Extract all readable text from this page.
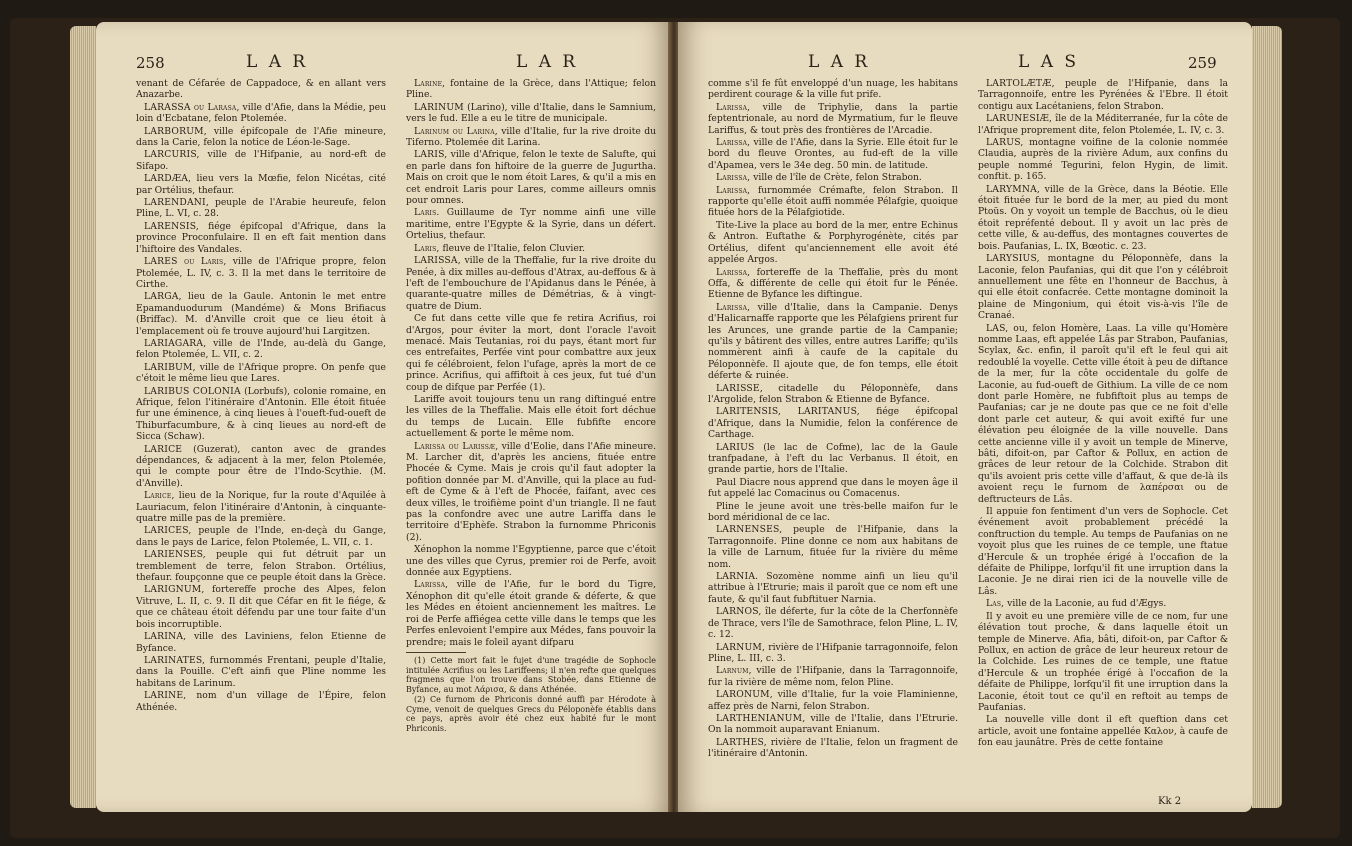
258	L A R	L A R

venant de Céfarée de Cappadoce, & en allant vers Anazarbe.

LARASSA ou Larasa, ville d'Afie, dans la Médie, peu loin d'Ecbatane, felon Ptolemée.

LARBORUM, ville épifcopale de l'Afie mineure, dans la Carie, felon la notice de Léon-le-Sage.

LARCURIS, ville de l'Hifpanie, au nord-eft de Sifapo.

LARDÆA, lieu vers la Mœfie, felon Nicétas, cité par Ortélius, thefaur.

LARENDANI, peuple de l'Arabie heureufe, felon Pline, L. VI, c. 28.

LARENSIS, fiége épifcopal d'Afrique, dans la province Proconfulaire. Il en eft fait mention dans l'hiftoire des Vandales.

LARES ou Laris, ville de l'Afrique propre, felon Ptolemée, L. IV, c. 3. Il la met dans le territoire de Cirthe.

LARGA, lieu de la Gaule. Antonin le met entre Epamanduodurum (Mandéme) & Mons Brifiacus (Briffac). M. d'Anville croit que ce lieu étoit à l'emplacement où fe trouve aujourd'hui Largitzen.

LARIAGARA, ville de l'Inde, au-delà du Gange, felon Ptolemée, L. VII, c. 2.

LARIBUM, ville de l'Afrique propre. On penfe que c'étoit le même lieu que Lares.

LARIBUS COLONIA (Lorbufs), colonie romaine, en Afrique, felon l'itinéraire d'Antonin. Elle étoit fituée fur une éminence, à cinq lieues à l'oueft-fud-oueft de Thiburfacumbure, & à cinq lieues au nord-eft de Sicca (Schaw).

LARICE (Guzerat), canton avec de grandes dépendances, & adjacent à la mer, felon Ptolemée, qui le compte pour être de l'Indo-Scythie. (M. d'Anville).

Larice, lieu de la Norique, fur la route d'Aquilée à Lauriacum, felon l'itinéraire d'Antonin, à cinquante-quatre mille pas de la première.

LARICES, peuple de l'Inde, en-deçà du Gange, dans le pays de Larice, felon Ptolemée, L. VII, c. 1.

LARIENSES, peuple qui fut détruit par un tremblement de terre, felon Strabon. Ortélius, thefaur. foupçonne que ce peuple étoit dans la Grèce.

LARIGNUM, fortereffe proche des Alpes, felon Vitruve, L. II, c. 9. Il dit que Céfar en fit le fiége, & que ce château étoit défendu par une tour faite d'un bois incorruptible.

LARINA, ville des Laviniens, felon Etienne de Byfance.

LARINATES, furnommés Frentani, peuple d'Italie, dans la Pouille. C'eft ainfi que Pline nomme les habitans de Larinum.

LARINE, nom d'un village de l'Épire, felon Athénée.

Larine, fontaine de la Grèce, dans l'Attique; felon Pline.

LARINUM (Larino), ville d'Italie, dans le Samnium, vers le fud. Elle a eu le titre de municipale.

Larinum ou Larina, ville d'Italie, fur la rive droite du Tiferno. Ptolemée dit Larina.

LARIS, ville d'Afrique, felon le texte de Salufte, qui en parle dans fon hiftoire de la guerre de Jugurtha. Mais on croit que le nom étoit Lares, & qu'il a mis en cet endroit Laris pour Lares, comme ailleurs omnis pour omnes.

Laris. Guillaume de Tyr nomme ainfi une ville maritime, entre l'Egypte & la Syrie, dans un défert. Ortelius, thefaur.

Laris, fleuve de l'Italie, felon Cluvier.

LARISSA, ville de la Theffalie, fur la rive droite du Penée, à dix milles au-deffous d'Atrax, au-deffous & à l'eft de l'embouchure de l'Apidanus dans le Pénée, à quarante-quatre milles de Démétrias, & à vingt-quatre de Dium.

Ce fut dans cette ville que fe retira Acrifius, roi d'Argos, pour éviter la mort, dont l'oracle l'avoit menacé. Mais Teutanias, roi du pays, étant mort fur ces entrefaites, Perfée vint pour combattre aux jeux qui fe célébroient, felon l'ufage, après la mort de ce prince. Acrifius, qui affiftoit à ces jeux, fut tué d'un coup de difque par Perfée (1).

Lariffe avoit toujours tenu un rang diftingué entre les villes de la Theffalie. Mais elle étoit fort déchue du temps de Lucain. Elle fubfifte encore actuellement & porte le même nom.

Larissa ou Larissæ, ville d'Eolie, dans l'Afie mineure. M. Larcher dit, d'après les anciens, fituée entre Phocée & Cyme. Mais je crois qu'il faut adopter la pofition donnée par M. d'Anville, qui la place au fud-eft de Cyme & à l'eft de Phocée, faifant, avec ces deux villes, le troifième point d'un triangle. Il ne faut pas la confondre avec une autre Lariffa dans le territoire d'Ephèfe. Strabon la furnomme Phriconis (2).

Xénophon la nomme l'Egyptienne, parce que c'étoit une des villes que Cyrus, premier roi de Perfe, avoit donnée aux Egyptiens.

Larissa, ville de l'Afie, fur le bord du Tigre, Xénophon dit qu'elle étoit grande & déferte, & que les Médes en étoient anciennement les maîtres. Le roi de Perfe affiégea cette ville dans le temps que les Perfes enlevoient l'empire aux Médes, fans pouvoir la prendre; mais le foleil ayant difparu

(1) Cette mort fait le fujet d'une tragédie de Sophocle intitulée Acrifius ou les Lariffeens; il n'en refte que quelques fragmens que l'on trouve dans Stobée, dans Etienne de Byfance, au mot Λάρισα, & dans Athénée.

(2) Ce furnom de Phriconis donné auffi par Hérodote à Cyme, venoit de quelques Grecs du Péloponèfe établis dans ce pays, après avoir été chez eux habité fur le mont Phriconis.

L A R	L A S	259

comme s'il fe fût enveloppé d'un nuage, les habitans perdirent courage & la ville fut prife.

Larissa, ville de Triphylie, dans la partie feptentrionale, au nord de Myrmatium, fur le fleuve Lariffus, & tout près des frontières de l'Arcadie.

Larissa, ville de l'Afie, dans la Syrie. Elle étoit fur le bord du fleuve Orontes, au fud-eft de la ville d'Apamea, vers le 34e deg. 50 min. de latitude.

Larissa, ville de l'île de Crète, felon Strabon.

Larissa, furnommée Crémafte, felon Strabon. Il rapporte qu'elle étoit auffi nommée Pélafgie, quoique fituée hors de la Pélafgiotide.

Tite-Live la place au bord de la mer, entre Echinus & Antron. Euftathe & Porphyrogénète, cités par Ortélius, difent qu'anciennement elle avoit été appelée Argos.

Larissa, fortereffe de la Theffalie, près du mont Offa, & différente de celle qui étoit fur le Pénée. Etienne de Byfance les diftingue.

Larissa, ville d'Italie, dans la Campanie. Denys d'Halicarnaffe rapporte que les Pélafgiens prirent fur les Arunces, une grande partie de la Campanie; qu'ils y bâtirent des villes, entre autres Lariffe; qu'ils nommèrent ainfi à caufe de la capitale du Péloponnèfe. Il ajoute que, de fon temps, elle étoit déferte & ruinée.

LARISSE, citadelle du Péloponnèfe, dans l'Argolide, felon Strabon & Etienne de Byfance.

LARITENSIS, LARITANUS, fiége épifcopal d'Afrique, dans la Numidie, felon la conférence de Carthage.

LARIUS (le lac de Cofme), lac de la Gaule tranfpadane, à l'eft du lac Verbanus. Il étoit, en grande partie, hors de l'Italie.

Paul Diacre nous apprend que dans le moyen âge il fut appelé lac Comacinus ou Comacenus.

Pline le jeune avoit une très-belle maifon fur le bord méridional de ce lac.

LARNENSES, peuple de l'Hifpanie, dans la Tarragonnoife. Pline donne ce nom aux habitans de la ville de Larnum, fituée fur la rivière du même nom.

LARNIA. Sozomène nomme ainfi un lieu qu'il attribue à l'Etrurie; mais il paroît que ce nom eft une faute, & qu'il faut fubftituer Narnia.

LARNOS, île déferte, fur la côte de la Cherfonnèfe de Thrace, vers l'île de Samothrace, felon Pline, L. IV, c. 12.

LARNUM, rivière de l'Hifpanie tarragonnoife, felon Pline, L. III, c. 3.

Larnum, ville de l'Hifpanie, dans la Tarragonnoife, fur la rivière de même nom, felon Pline.

LARONUM, ville d'Italie, fur la voie Flaminienne, affez près de Narni, felon Strabon.

LARTHENIANUM, ville de l'Italie, dans l'Etrurie. On la nommoit auparavant Enianum.

LARTHES, rivière de l'Italie, felon un fragment de l'itinéraire d'Antonin.

LARTOLÆTÆ, peuple de l'Hifpanie, dans la Tarragonnoife, entre les Pyrénées & l'Ebre. Il étoit contigu aux Lacétaniens, felon Strabon.

LARUNESIÆ, île de la Méditerranée, fur la côte de l'Afrique proprement dite, felon Ptolemée, L. IV, c. 3.

LARUS, montagne voifine de la colonie nommée Claudia, auprès de la rivière Adum, aux confins du peuple nommé Tegurini, felon Hygin, de limit. conftit. p. 165.

LARYMNA, ville de la Grèce, dans la Béotie. Elle étoit fituée fur le bord de la mer, au pied du mont Ptoüs. On y voyoit un temple de Bacchus, où le dieu étoit repréfenté debout. Il y avoit un lac près de cette ville, & au-deffus, des montagnes couvertes de bois. Paufanias, L. IX, Bœotic. c. 23.

LARYSIUS, montagne du Péloponnèfe, dans la Laconie, felon Paufanias, qui dit que l'on y célébroit annuellement une fête en l'honneur de Bacchus, à qui elle étoit confacrée. Cette montagne dominoit la plaine de Mingonium, qui étoit vis-à-vis l'île de Cranaé.

LAS, ou, felon Homère, Laas. La ville qu'Homère nomme Laas, eft appelée Lâs par Strabon, Paufanias, Scylax, &c. enfin, il paroît qu'il eft le feul qui ait redoublé la voyelle. Cette ville étoit à peu de diftance de la mer, fur la côte occidentale du golfe de Laconie, au fud-oueft de Githium. La ville de ce nom dont parle Homère, ne fubfiftoit plus au temps de Paufanias; car je ne doute pas que ce ne foit d'elle dont parle cet auteur, & qui avoit exifté fur une élévation peu éloignée de la ville nouvelle. Dans cette ancienne ville il y avoit un temple de Minerve, bâti, difoit-on, par Caftor & Pollux, en action de grâces de leur retour de la Colchide. Strabon dit qu'ils avoient pris cette ville d'affaut, & que de-là ils avoient reçu le furnom de λαπέρσαι ou de deftructeurs de Lâs.

Il appuie fon fentiment d'un vers de Sophocle. Cet événement avoit probablement précédé la conftruction du temple. Au temps de Paufanias on ne voyoit plus que les ruines de ce temple, une ftatue d'Hercule & un trophée érigé à l'occafion de la défaite de Philippe, lorfqu'il fit une irruption dans la Laconie. Je ne dirai rien ici de la nouvelle ville de Lâs.

Las, ville de la Laconie, au fud d'Ægys.

Il y avoit eu une première ville de ce nom, fur une élévation tout proche, & dans laquelle étoit un temple de Minerve. Afia, bâti, difoit-on, par Caftor & Pollux, en action de grâce de leur heureux retour de la Colchide. Les ruines de ce temple, une ftatue d'Hercule & un trophée érigé à l'occafion de la défaite de Philippe, lorfqu'il fit une irruption dans la Laconie, étoit tout ce qu'il en reftoit au temps de Paufanias.

La nouvelle ville dont il eft queftion dans cet article, avoit une fontaine appellée Καλον, à caufe de fon eau jaunâtre. Près de cette fontaine

Kk 2
